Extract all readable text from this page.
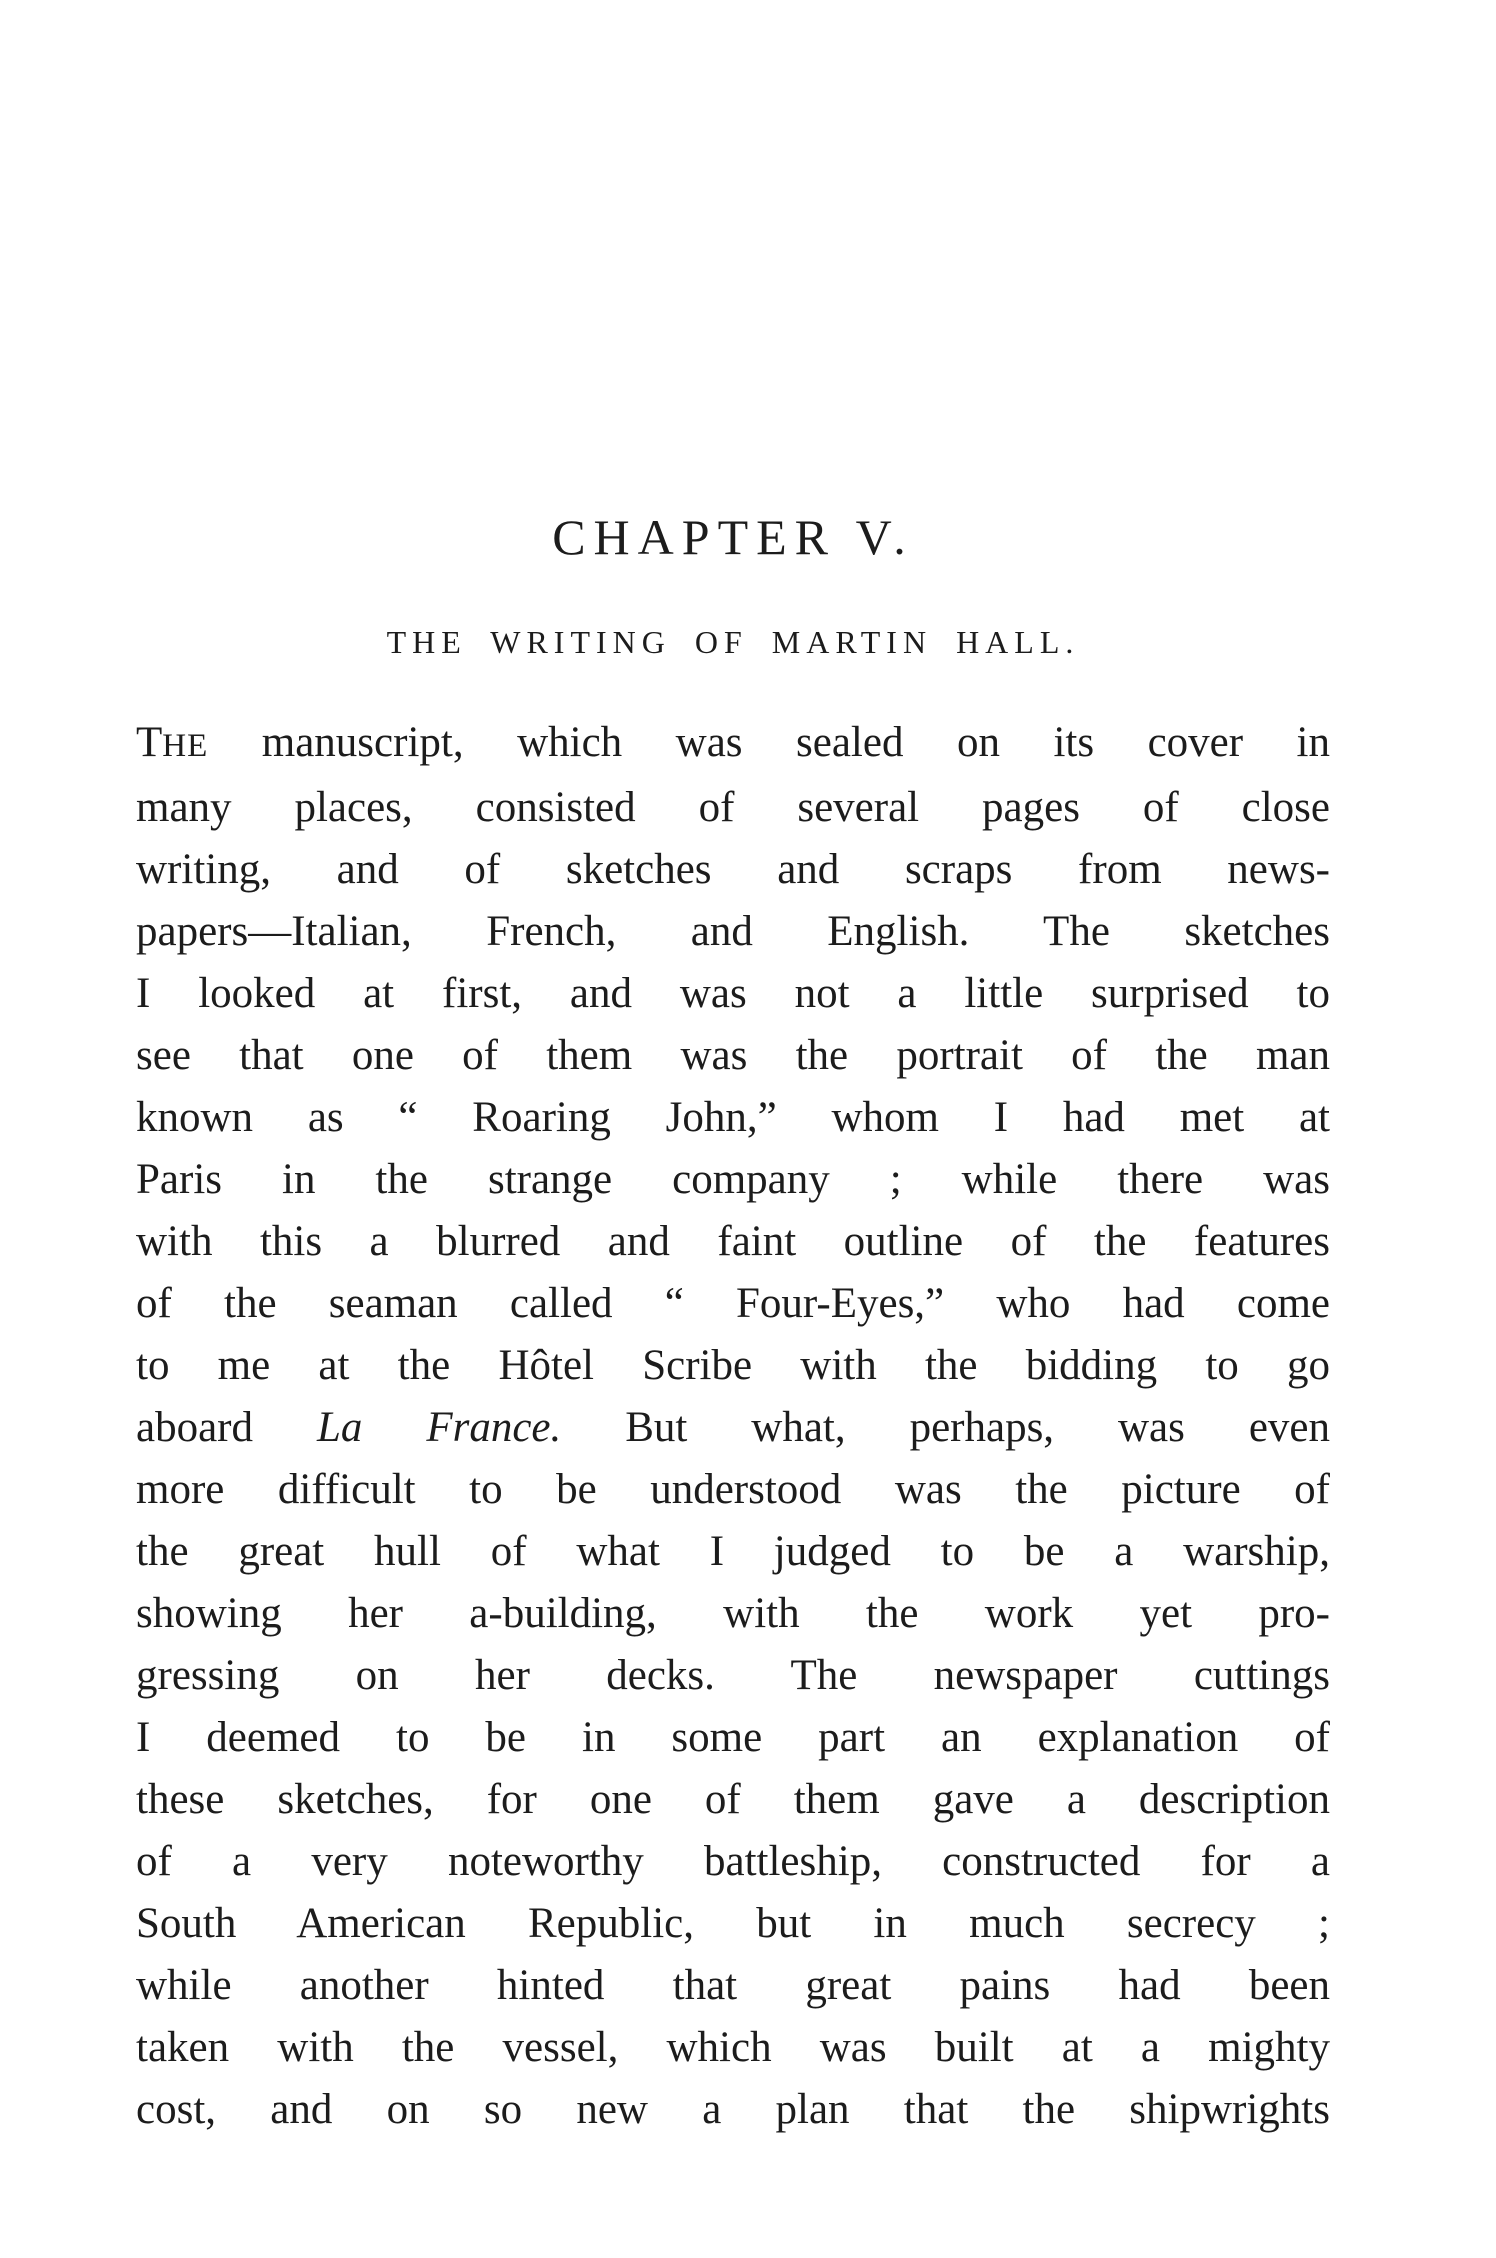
CHAPTER V.
THE WRITING OF MARTIN HALL.
THE manuscript, which was sealed on its cover in
many places, consisted of several pages of close
writing, and of sketches and scraps from news-
papers—Italian, French, and English. The sketches
I looked at first, and was not a little surprised to
see that one of them was the portrait of the man
known as “ Roaring John,” whom I had met at
Paris in the strange company ; while there was
with this a blurred and faint outline of the features
of the seaman called “ Four-Eyes,” who had come
to me at the Hôtel Scribe with the bidding to go
aboard La France. But what, perhaps, was even
more difficult to be understood was the picture of
the great hull of what I judged to be a warship,
showing her a-building, with the work yet pro-
gressing on her decks. The newspaper cuttings
I deemed to be in some part an explanation of
these sketches, for one of them gave a description
of a very noteworthy battleship, constructed for a
South American Republic, but in much secrecy ;
while another hinted that great pains had been
taken with the vessel, which was built at a mighty
cost, and on so new a plan that the shipwrights
